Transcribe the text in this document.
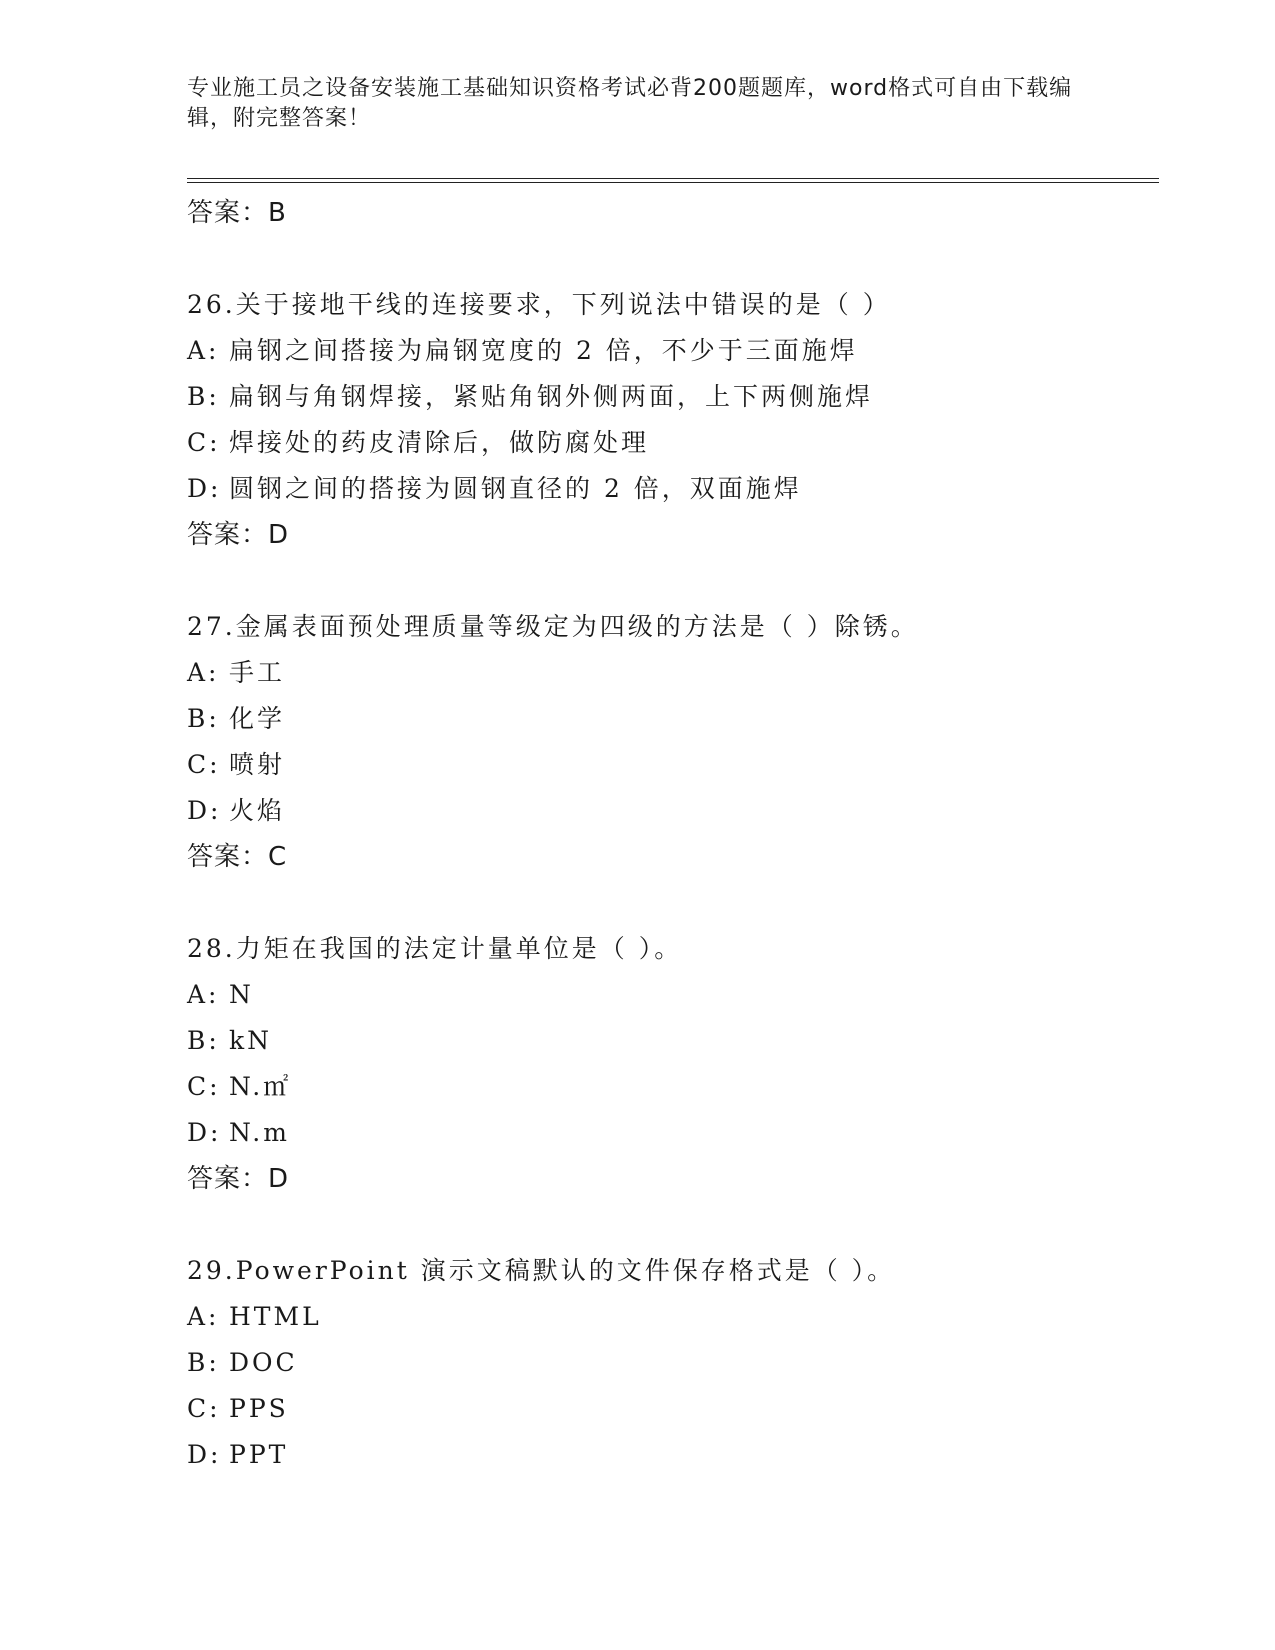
专业施工员之设备安装施工基础知识资格考试必背200题题库，word格式可自由下载编辑，附完整答案！
答案：B
26.关于接地干线的连接要求，下列说法中错误的是（ ）
A: 扁钢之间搭接为扁钢宽度的 2 倍，不少于三面施焊
B: 扁钢与角钢焊接，紧贴角钢外侧两面，上下两侧施焊
C: 焊接处的药皮清除后，做防腐处理
D: 圆钢之间的搭接为圆钢直径的 2 倍，双面施焊
答案：D
27.金属表面预处理质量等级定为四级的方法是（ ）除锈。
A: 手工
B: 化学
C: 喷射
D: 火焰
答案：C
28.力矩在我国的法定计量单位是（ ）。
A: N
B: kN
C: N.㎡
D: N.m
答案：D
29.PowerPoint 演示文稿默认的文件保存格式是（ ）。
A: HTML
B: DOC
C: PPS
D: PPT
